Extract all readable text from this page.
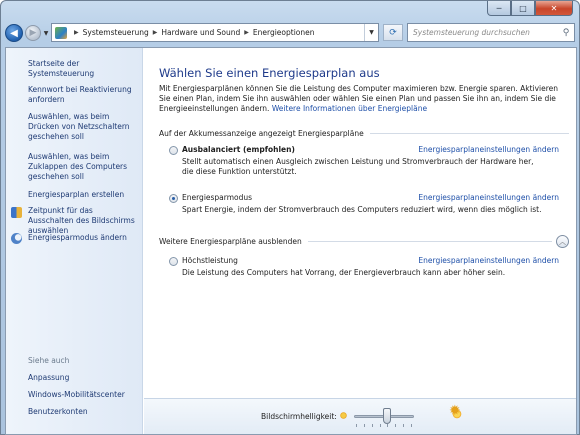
─	□	✕
◀ ▶	▼	▶ Systemsteuerung ▶ Hardware und Sound ▶ Energieoptionen	▼	⟳ Systemsteuerung durchsuchen	⚲
Startseite der Systemsteuerung
Kennwort bei Reaktivierung anfordern
Auswählen, was beim Drücken von Netzschaltern geschehen soll
Auswählen, was beim Zuklappen des Computers geschehen soll
Energiesparplan erstellen
Zeitpunkt für das Ausschalten des Bildschirms auswählen
Energiesparmodus ändern
Siehe auch
Anpassung
Windows-Mobilitätscenter
Benutzerkonten
Wählen Sie einen Energiesparplan aus
Mit Energiesparplänen können Sie die Leistung des Computer maximieren bzw. Energie sparen. Aktivieren Sie einen Plan, indem Sie ihn auswählen oder wählen Sie einen Plan und passen Sie ihn an, indem Sie die Energieeinstellungen ändern. Weitere Informationen über Energiepläne
Auf der Akkumessanzeige angezeigt Energiesparpläne
Ausbalanciert (empfohlen)	Energiesparplaneinstellungen ändern
Stellt automatisch einen Ausgleich zwischen Leistung und Stromverbrauch der Hardware her, die diese Funktion unterstützt.
Energiesparmodus	Energiesparplaneinstellungen ändern
Spart Energie, indem der Stromverbrauch des Computers reduziert wird, wenn dies möglich ist.
Weitere Energiesparpläne ausblenden	︿
Höchstleistung	Energiesparplaneinstellungen ändern
Die Leistung des Computers hat Vorrang, der Energieverbrauch kann aber höher sein.
Bildschirmhelligkeit:
✹
